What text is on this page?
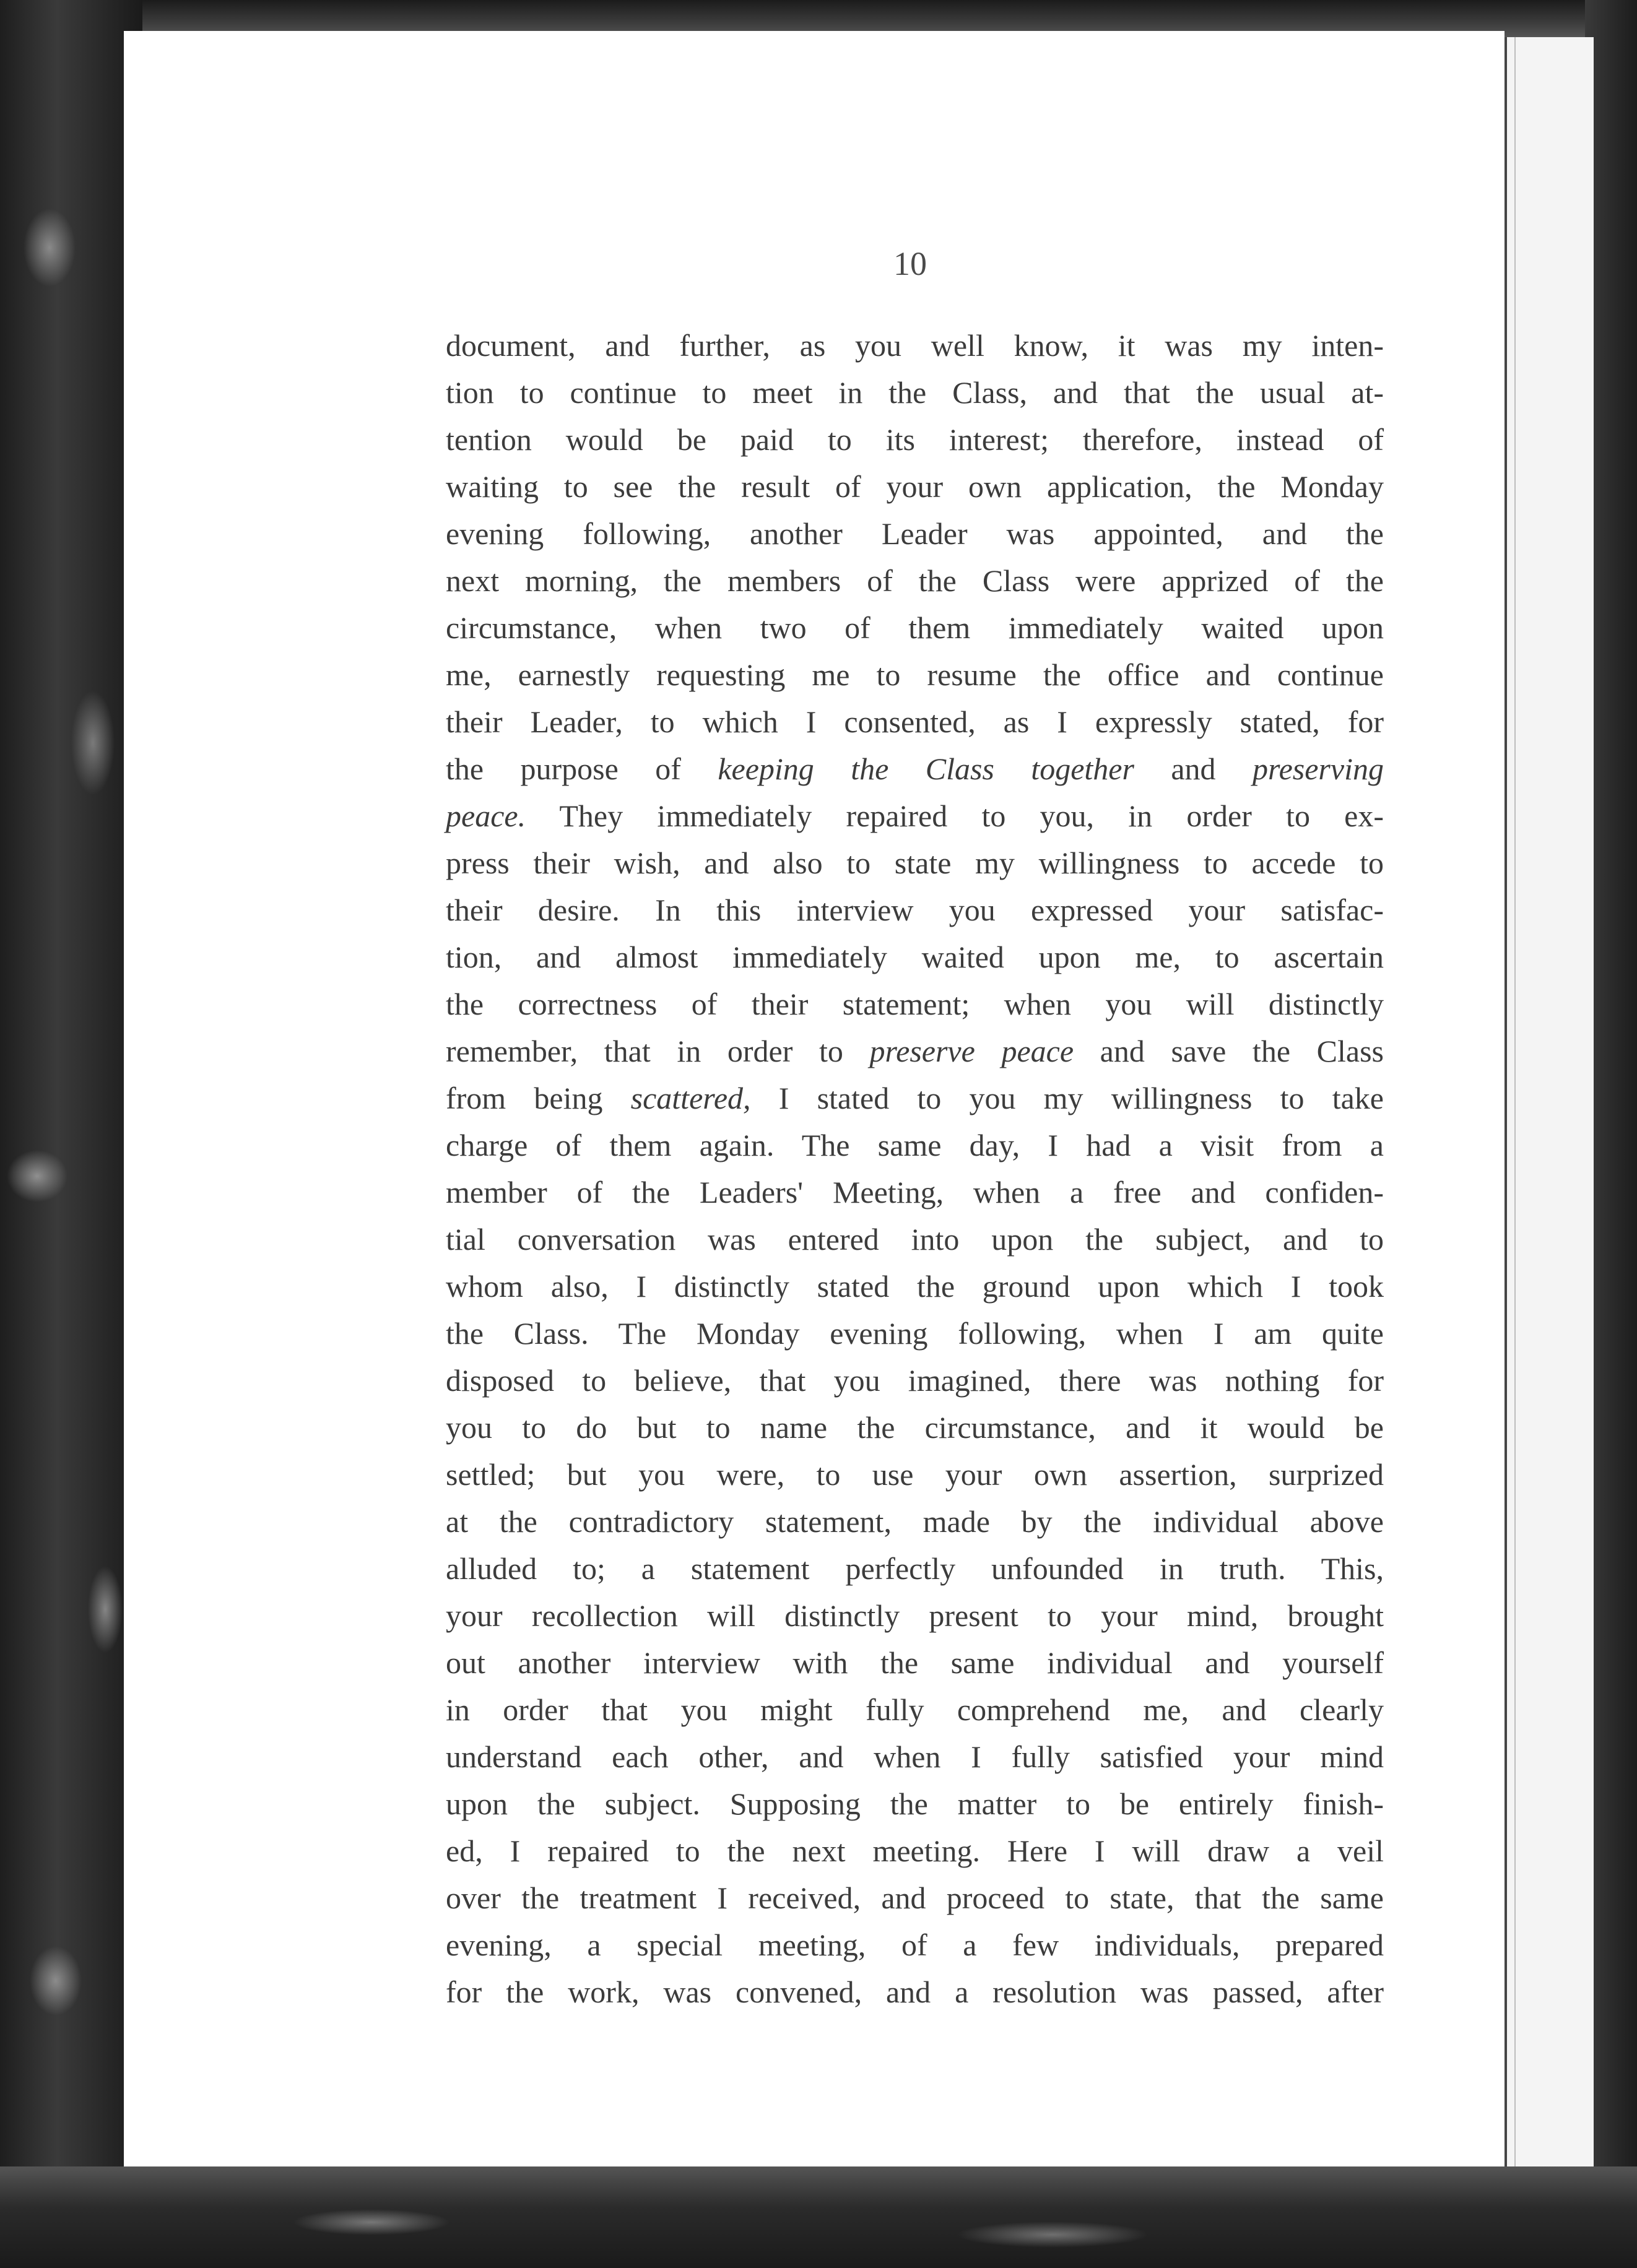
10
document, and further, as you well know, it was my inten-
tion to continue to meet in the Class, and that the usual at-
tention would be paid to its interest; therefore, instead of
waiting to see the result of your own application, the Monday
evening following, another Leader was appointed, and the
next morning, the members of the Class were apprized of the
circumstance, when two of them immediately waited upon
me, earnestly requesting me to resume the office and continue
their Leader, to which I consented, as I expressly stated, for
the purpose of keeping the Class together and preserving
peace. They immediately repaired to you, in order to ex-
press their wish, and also to state my willingness to accede to
their desire. In this interview you expressed your satisfac-
tion, and almost immediately waited upon me, to ascertain
the correctness of their statement; when you will distinctly
remember, that in order to preserve peace and save the Class
from being scattered, I stated to you my willingness to take
charge of them again. The same day, I had a visit from a
member of the Leaders' Meeting, when a free and confiden-
tial conversation was entered into upon the subject, and to
whom also, I distinctly stated the ground upon which I took
the Class. The Monday evening following, when I am quite
disposed to believe, that you imagined, there was nothing for
you to do but to name the circumstance, and it would be
settled; but you were, to use your own assertion, surprized
at the contradictory statement, made by the individual above
alluded to; a statement perfectly unfounded in truth. This,
your recollection will distinctly present to your mind, brought
out another interview with the same individual and yourself
in order that you might fully comprehend me, and clearly
understand each other, and when I fully satisfied your mind
upon the subject. Supposing the matter to be entirely finish-
ed, I repaired to the next meeting. Here I will draw a veil
over the treatment I received, and proceed to state, that the same
evening, a special meeting, of a few individuals, prepared
for the work, was convened, and a resolution was passed, after
